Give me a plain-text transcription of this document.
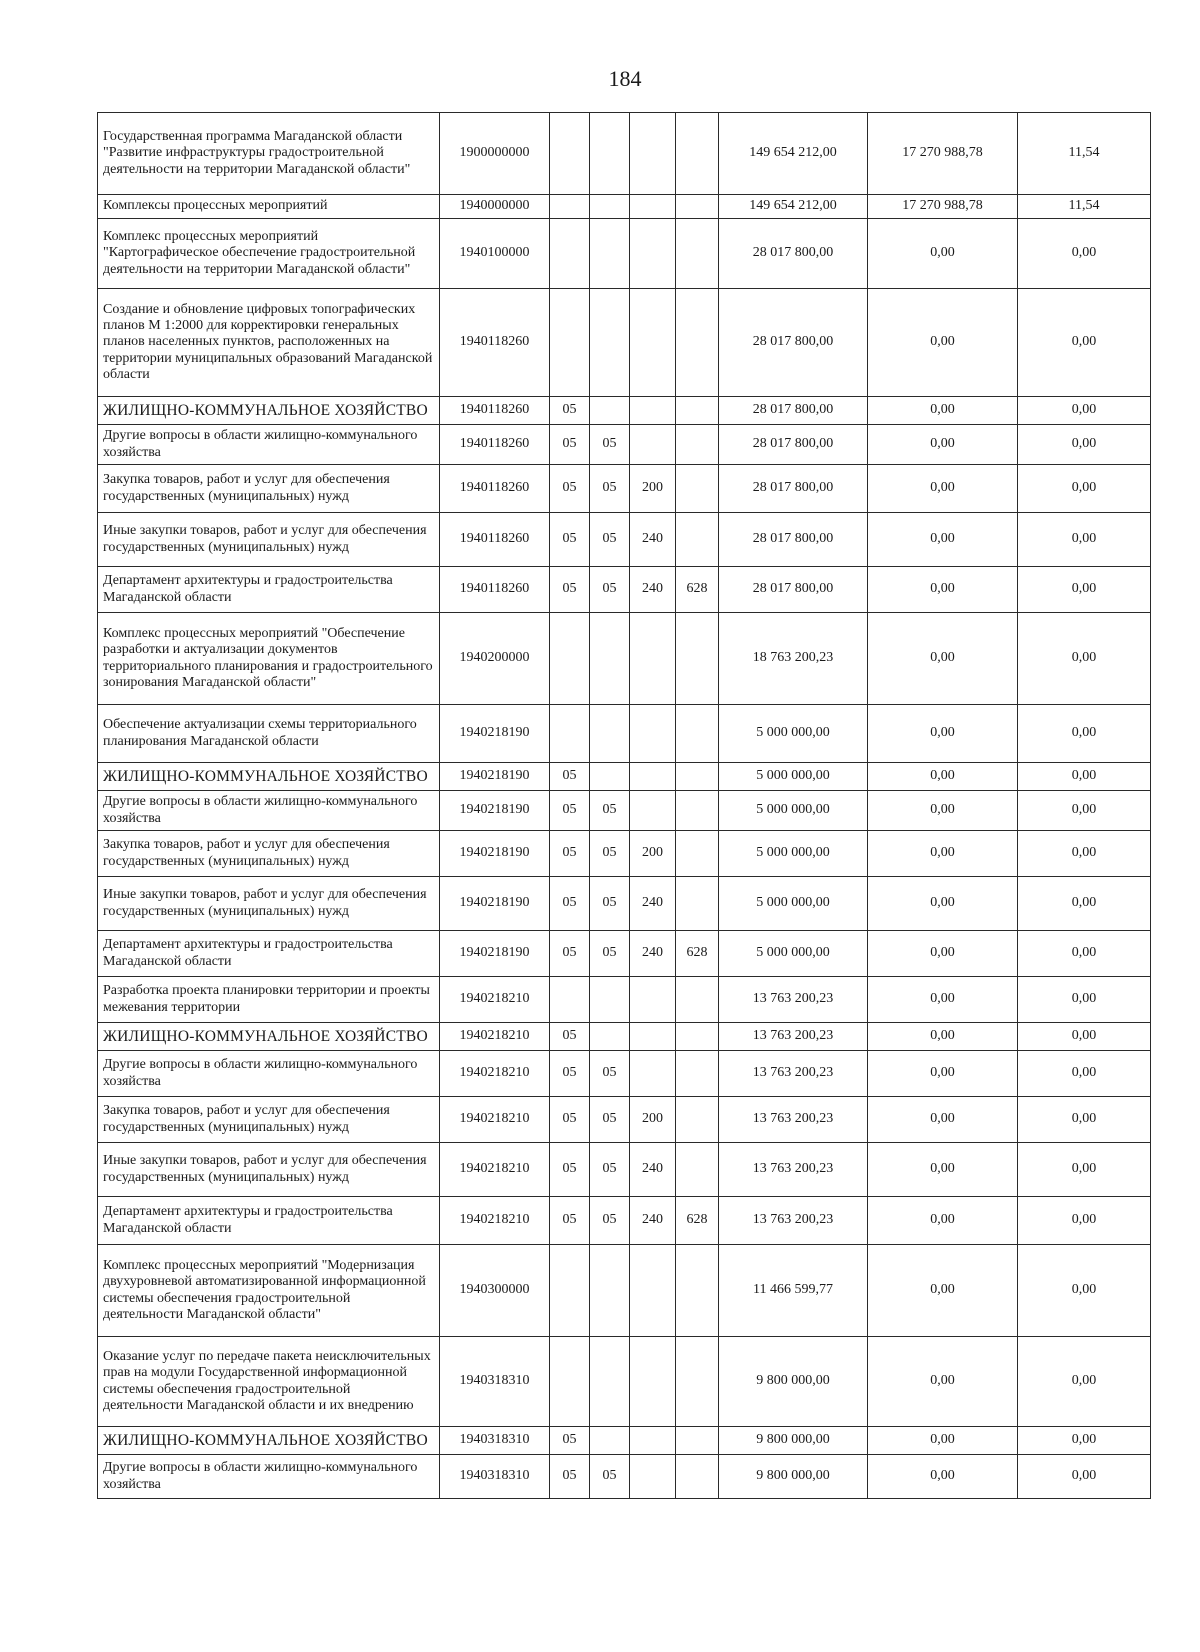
184
Государственная программа Магаданской области "Развитие инфраструктуры градостроительной деятельности на территории Магаданской области"	1900000000					149 654 212,00	17 270 988,78	11,54
Комплексы процессных мероприятий	1940000000					149 654 212,00	17 270 988,78	11,54
Комплекс процессных мероприятий "Картографическое обеспечение градостроительной деятельности на территории Магаданской области"	1940100000					28 017 800,00	0,00	0,00
Создание и обновление цифровых топографических планов М 1:2000 для корректировки генеральных планов населенных пунктов, расположенных на территории муниципальных образований Магаданской области	1940118260					28 017 800,00	0,00	0,00
ЖИЛИЩНО-КОММУНАЛЬНОЕ ХОЗЯЙСТВО	1940118260	05				28 017 800,00	0,00	0,00
Другие вопросы в области жилищно-коммунального хозяйства	1940118260	05	05			28 017 800,00	0,00	0,00
Закупка товаров, работ и услуг для обеспечения государственных (муниципальных) нужд	1940118260	05	05	200		28 017 800,00	0,00	0,00
Иные закупки товаров, работ и услуг для обеспечения государственных (муниципальных) нужд	1940118260	05	05	240		28 017 800,00	0,00	0,00
Департамент архитектуры и градостроительства Магаданской области	1940118260	05	05	240	628	28 017 800,00	0,00	0,00
Комплекс процессных мероприятий "Обеспечение разработки и актуализации документов территориального планирования и градостроительного зонирования Магаданской области"	1940200000					18 763 200,23	0,00	0,00
Обеспечение актуализации схемы территориального планирования Магаданской области	1940218190					5 000 000,00	0,00	0,00
ЖИЛИЩНО-КОММУНАЛЬНОЕ ХОЗЯЙСТВО	1940218190	05				5 000 000,00	0,00	0,00
Другие вопросы в области жилищно-коммунального хозяйства	1940218190	05	05			5 000 000,00	0,00	0,00
Закупка товаров, работ и услуг для обеспечения государственных (муниципальных) нужд	1940218190	05	05	200		5 000 000,00	0,00	0,00
Иные закупки товаров, работ и услуг для обеспечения государственных (муниципальных) нужд	1940218190	05	05	240		5 000 000,00	0,00	0,00
Департамент архитектуры и градостроительства Магаданской области	1940218190	05	05	240	628	5 000 000,00	0,00	0,00
Разработка проекта планировки территории и проекты межевания территории	1940218210					13 763 200,23	0,00	0,00
ЖИЛИЩНО-КОММУНАЛЬНОЕ ХОЗЯЙСТВО	1940218210	05				13 763 200,23	0,00	0,00
Другие вопросы в области жилищно-коммунального хозяйства	1940218210	05	05			13 763 200,23	0,00	0,00
Закупка товаров, работ и услуг для обеспечения государственных (муниципальных) нужд	1940218210	05	05	200		13 763 200,23	0,00	0,00
Иные закупки товаров, работ и услуг для обеспечения государственных (муниципальных) нужд	1940218210	05	05	240		13 763 200,23	0,00	0,00
Департамент архитектуры и градостроительства Магаданской области	1940218210	05	05	240	628	13 763 200,23	0,00	0,00
Комплекс процессных мероприятий "Модернизация двухуровневой автоматизированной информационной системы обеспечения градостроительной деятельности Магаданской области"	1940300000					11 466 599,77	0,00	0,00
Оказание услуг по передаче пакета неисключительных прав на модули Государственной информационной системы обеспечения градостроительной деятельности Магаданской области и их внедрению	1940318310					9 800 000,00	0,00	0,00
ЖИЛИЩНО-КОММУНАЛЬНОЕ ХОЗЯЙСТВО	1940318310	05				9 800 000,00	0,00	0,00
Другие вопросы в области жилищно-коммунального хозяйства	1940318310	05	05			9 800 000,00	0,00	0,00
